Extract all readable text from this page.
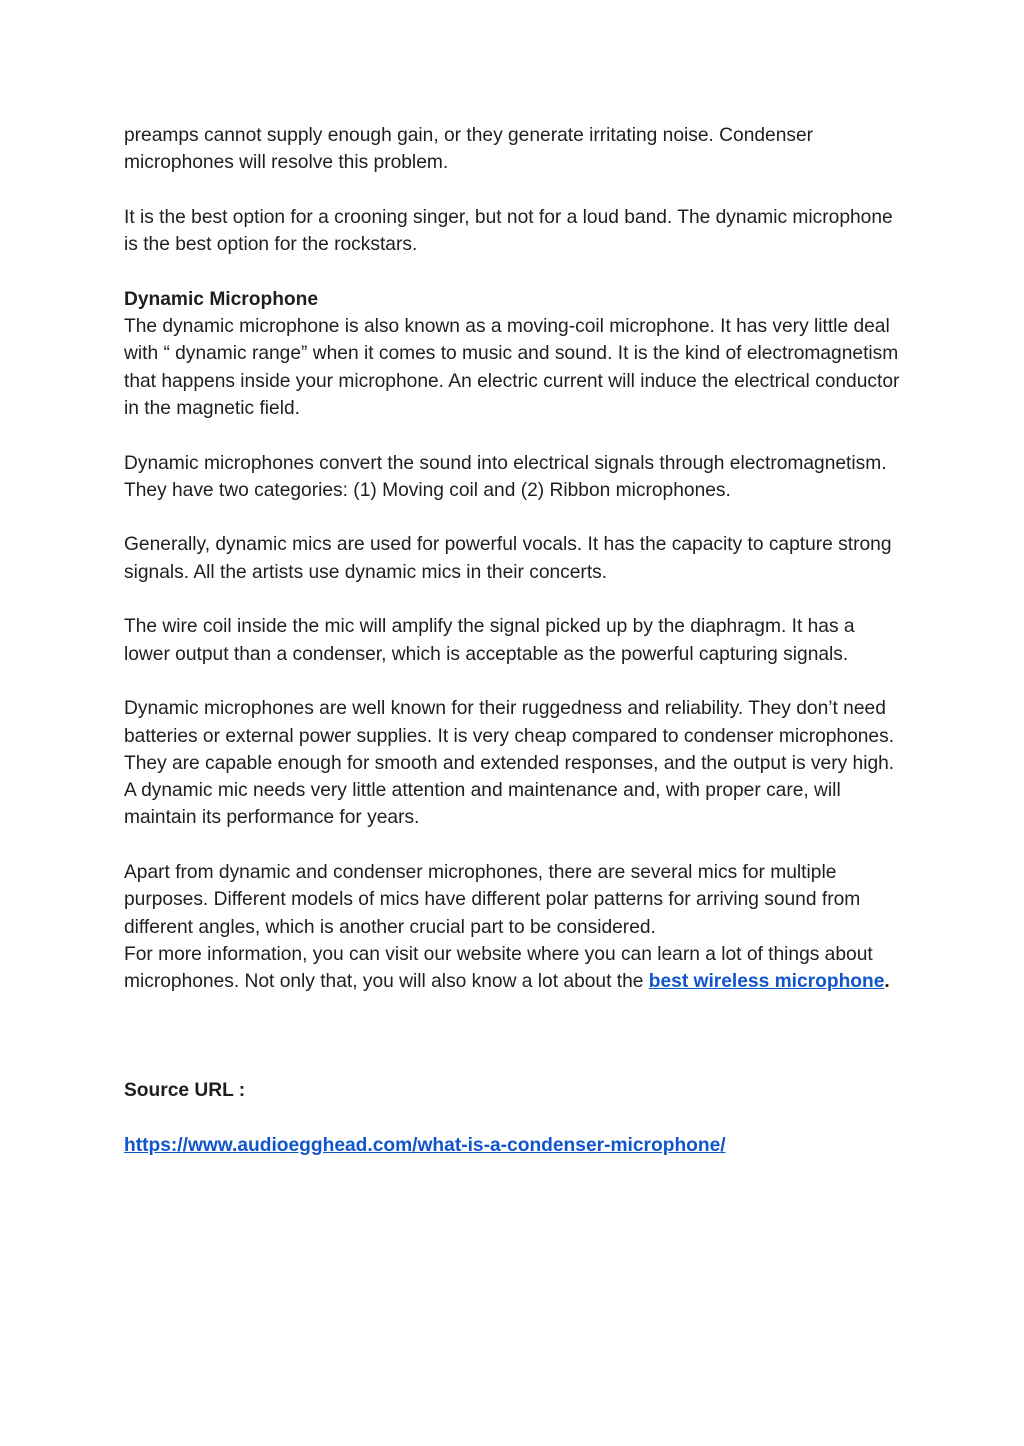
preamps cannot supply enough gain, or they generate irritating noise. Condenser microphones will resolve this problem.

It is the best option for a crooning singer, but not for a loud band. The dynamic microphone is the best option for the rockstars.

Dynamic Microphone
The dynamic microphone is also known as a moving-coil microphone. It has very little deal with “ dynamic range” when it comes to music and sound. It is the kind of electromagnetism that happens inside your microphone. An electric current will induce the electrical conductor in the magnetic field.

Dynamic microphones convert the sound into electrical signals through electromagnetism. They have two categories: (1) Moving coil and (2) Ribbon microphones.

Generally, dynamic mics are used for powerful vocals. It has the capacity to capture strong signals. All the artists use dynamic mics in their concerts.

The wire coil inside the mic will amplify the signal picked up by the diaphragm. It has a lower output than a condenser, which is acceptable as the powerful capturing signals.

Dynamic microphones are well known for their ruggedness and reliability. They don’t need batteries or external power supplies. It is very cheap compared to condenser microphones. They are capable enough for smooth and extended responses, and the output is very high. A dynamic mic needs very little attention and maintenance and, with proper care, will maintain its performance for years.

Apart from dynamic and condenser microphones, there are several mics for multiple purposes. Different models of mics have different polar patterns for arriving sound from different angles, which is another crucial part to be considered.
For more information, you can visit our website where you can learn a lot of things about microphones. Not only that, you will also know a lot about the best wireless microphone.

Source URL :

https://www.audioegghead.com/what-is-a-condenser-microphone/
